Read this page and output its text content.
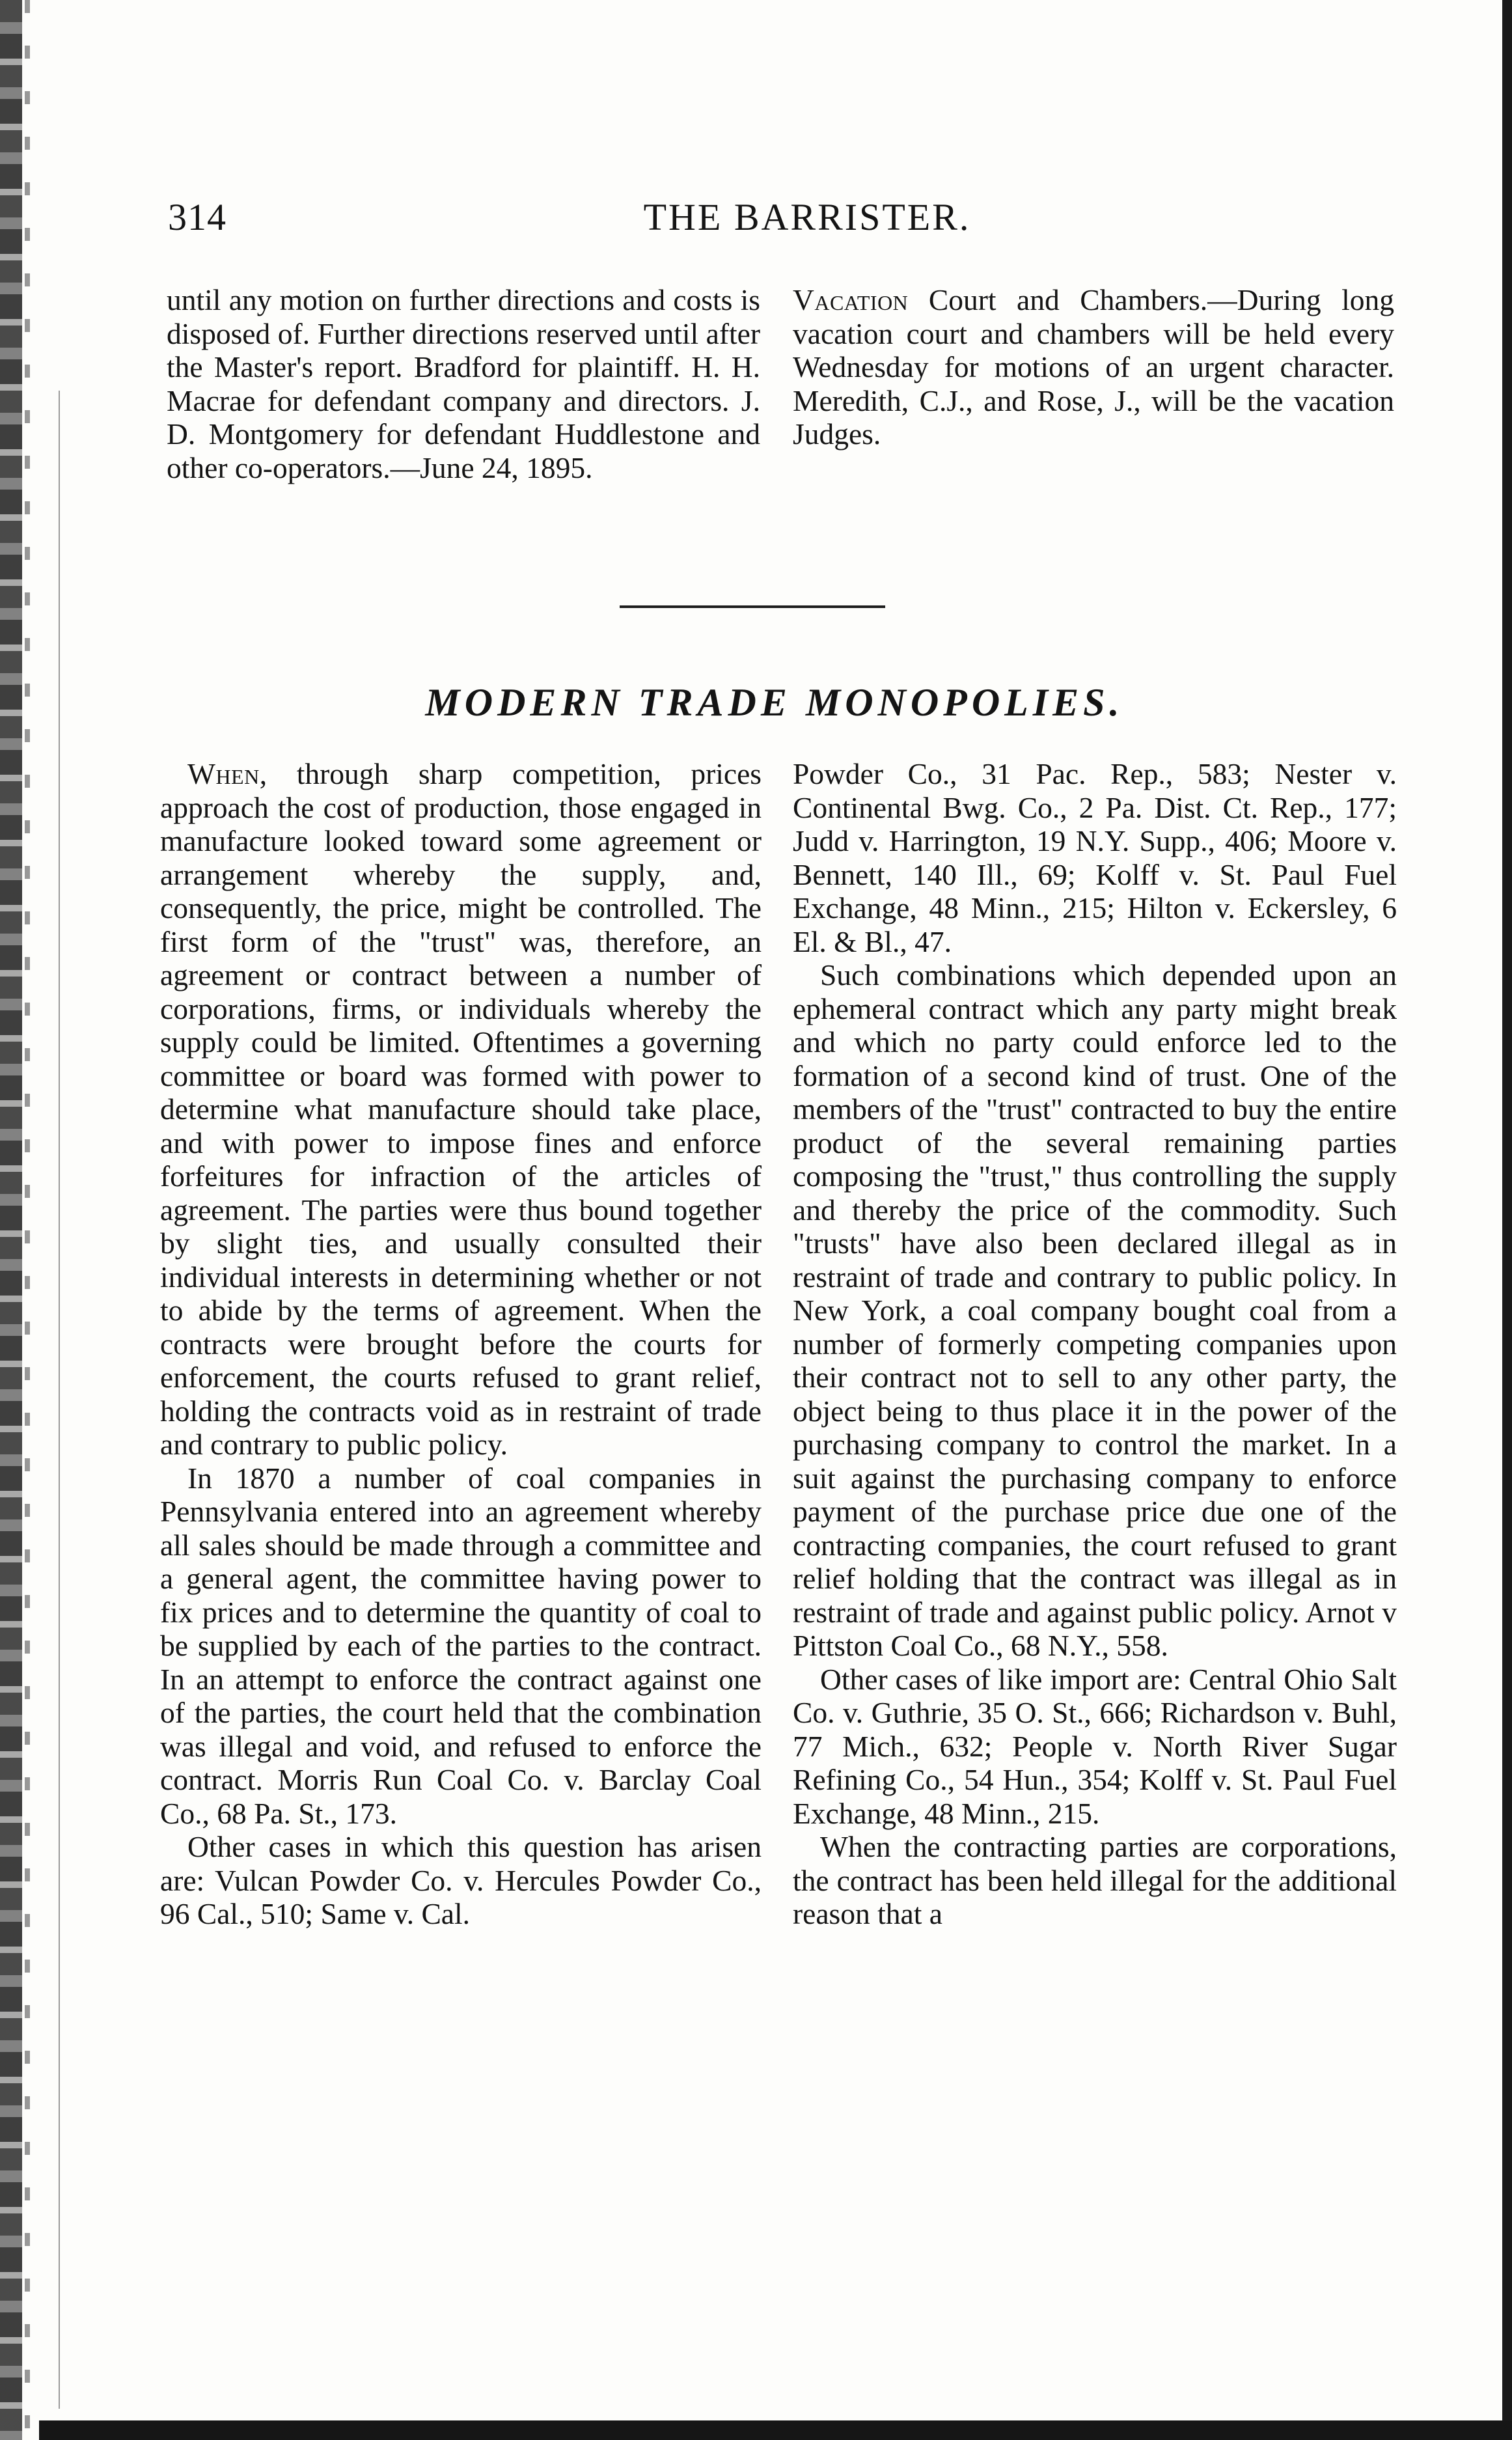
314	THE BARRISTER.

until any motion on further directions and costs is disposed of. Further directions reserved until after the Master's report. Bradford for plaintiff. H. H. Macrae for defendant company and directors. J. D. Montgomery for defendant Huddlestone and other co-operators.—June 24, 1895.

Vacation Court and Chambers.—During long vacation court and chambers will be held every Wednesday for motions of an urgent character. Meredith, C.J., and Rose, J., will be the vacation Judges.

MODERN TRADE MONOPOLIES.

When, through sharp competition, prices approach the cost of production, those engaged in manufacture looked toward some agreement or arrangement whereby the supply, and, consequently, the price, might be controlled. The first form of the "trust" was, therefore, an agreement or contract between a number of corporations, firms, or individuals whereby the supply could be limited. Oftentimes a governing committee or board was formed with power to determine what manufacture should take place, and with power to impose fines and enforce forfeitures for infraction of the articles of agreement. The parties were thus bound together by slight ties, and usually consulted their individual interests in determining whether or not to abide by the terms of agreement. When the contracts were brought before the courts for enforcement, the courts refused to grant relief, holding the contracts void as in restraint of trade and contrary to public policy.

In 1870 a number of coal companies in Pennsylvania entered into an agreement whereby all sales should be made through a committee and a general agent, the committee having power to fix prices and to determine the quantity of coal to be supplied by each of the parties to the contract. In an attempt to enforce the contract against one of the parties, the court held that the combination was illegal and void, and refused to enforce the contract. Morris Run Coal Co. v. Barclay Coal Co., 68 Pa. St., 173.

Other cases in which this question has arisen are: Vulcan Powder Co. v. Hercules Powder Co., 96 Cal., 510; Same v. Cal.

Powder Co., 31 Pac. Rep., 583; Nester v. Continental Bwg. Co., 2 Pa. Dist. Ct. Rep., 177; Judd v. Harrington, 19 N.Y. Supp., 406; Moore v. Bennett, 140 Ill., 69; Kolff v. St. Paul Fuel Exchange, 48 Minn., 215; Hilton v. Eckersley, 6 El. & Bl., 47.

Such combinations which depended upon an ephemeral contract which any party might break and which no party could enforce led to the formation of a second kind of trust. One of the members of the "trust" contracted to buy the entire product of the several remaining parties composing the "trust," thus controlling the supply and thereby the price of the commodity. Such "trusts" have also been declared illegal as in restraint of trade and contrary to public policy. In New York, a coal company bought coal from a number of formerly competing companies upon their contract not to sell to any other party, the object being to thus place it in the power of the purchasing company to control the market. In a suit against the purchasing company to enforce payment of the purchase price due one of the contracting companies, the court refused to grant relief holding that the contract was illegal as in restraint of trade and against public policy. Arnot v Pittston Coal Co., 68 N.Y., 558.

Other cases of like import are: Central Ohio Salt Co. v. Guthrie, 35 O. St., 666; Richardson v. Buhl, 77 Mich., 632; People v. North River Sugar Refining Co., 54 Hun., 354; Kolff v. St. Paul Fuel Exchange, 48 Minn., 215.

When the contracting parties are corporations, the contract has been held illegal for the additional reason that a
